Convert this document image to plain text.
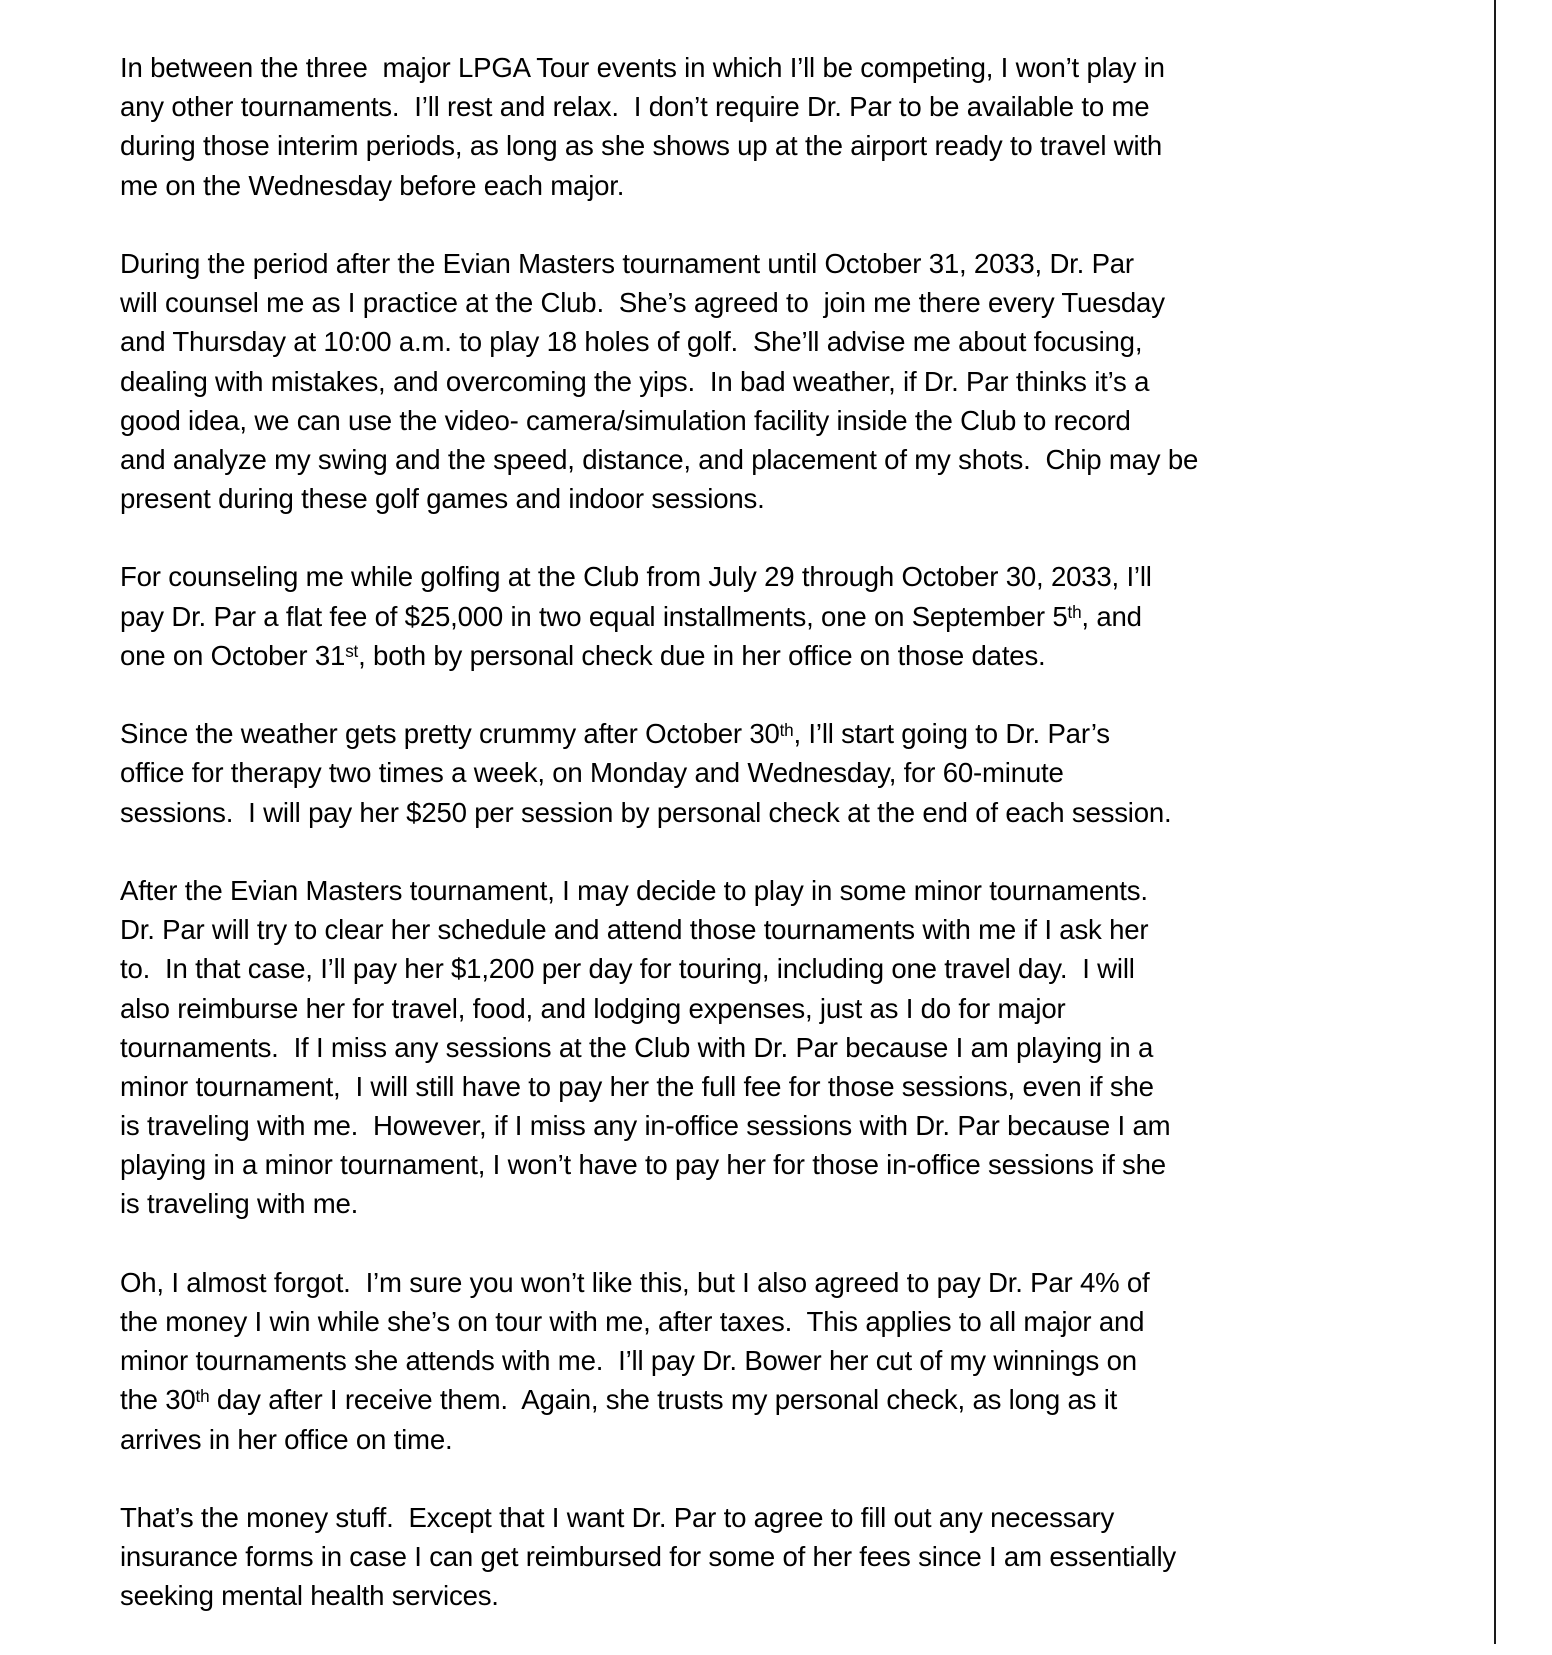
In between the three  major LPGA Tour events in which I’ll be competing, I won’t play in
any other tournaments.  I’ll rest and relax.  I don’t require Dr. Par to be available to me
during those interim periods, as long as she shows up at the airport ready to travel with
me on the Wednesday before each major.
During the period after the Evian Masters tournament until October 31, 2033, Dr. Par
will counsel me as I practice at the Club.  She’s agreed to  join me there every Tuesday
and Thursday at 10:00 a.m. to play 18 holes of golf.  She’ll advise me about focusing,
dealing with mistakes, and overcoming the yips.  In bad weather, if Dr. Par thinks it’s a
good idea, we can use the video- camera/simulation facility inside the Club to record
and analyze my swing and the speed, distance, and placement of my shots.  Chip may be
present during these golf games and indoor sessions.
For counseling me while golfing at the Club from July 29 through October 30, 2033, I’ll
pay Dr. Par a flat fee of $25,000 in two equal installments, one on September 5th, and
one on October 31st, both by personal check due in her office on those dates.
Since the weather gets pretty crummy after October 30th, I’ll start going to Dr. Par’s
office for therapy two times a week, on Monday and Wednesday, for 60-minute
sessions.  I will pay her $250 per session by personal check at the end of each session.
After the Evian Masters tournament, I may decide to play in some minor tournaments.
Dr. Par will try to clear her schedule and attend those tournaments with me if I ask her
to.  In that case, I’ll pay her $1,200 per day for touring, including one travel day.  I will
also reimburse her for travel, food, and lodging expenses, just as I do for major
tournaments.  If I miss any sessions at the Club with Dr. Par because I am playing in a
minor tournament,  I will still have to pay her the full fee for those sessions, even if she
is traveling with me.  However, if I miss any in-office sessions with Dr. Par because I am
playing in a minor tournament, I won’t have to pay her for those in-office sessions if she
is traveling with me.
Oh, I almost forgot.  I’m sure you won’t like this, but I also agreed to pay Dr. Par 4% of
the money I win while she’s on tour with me, after taxes.  This applies to all major and
minor tournaments she attends with me.  I’ll pay Dr. Bower her cut of my winnings on
the 30th day after I receive them.  Again, she trusts my personal check, as long as it
arrives in her office on time.
That’s the money stuff.  Except that I want Dr. Par to agree to fill out any necessary
insurance forms in case I can get reimbursed for some of her fees since I am essentially
seeking mental health services.
